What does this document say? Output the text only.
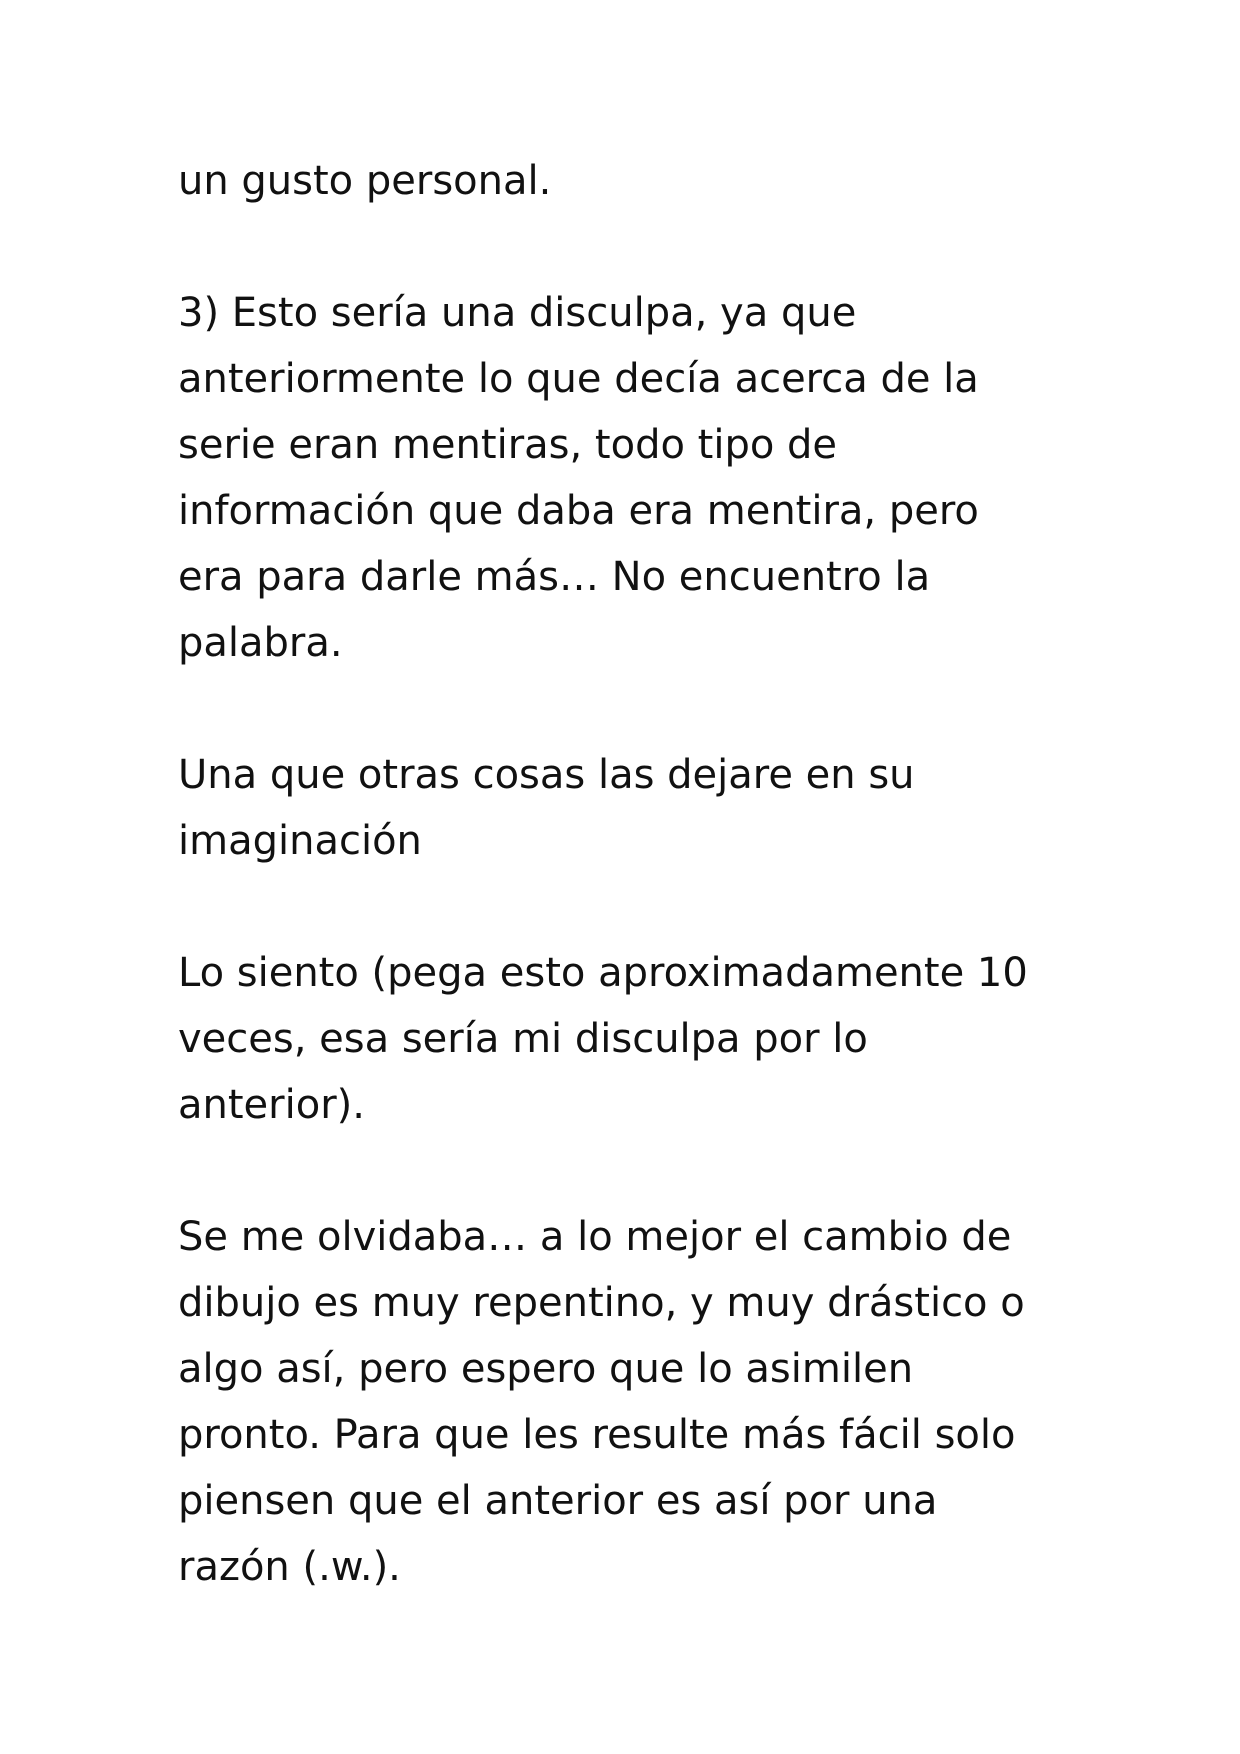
un gusto personal.

3) Esto sería una disculpa, ya que
anteriormente lo que decía acerca de la
serie eran mentiras, todo tipo de
información que daba era mentira, pero
era para darle más… No encuentro la
palabra.

Una que otras cosas las dejare en su
imaginación

Lo siento (pega esto aproximadamente 10
veces, esa sería mi disculpa por lo
anterior).

Se me olvidaba… a lo mejor el cambio de
dibujo es muy repentino, y muy drástico o
algo así, pero espero que lo asimilen
pronto. Para que les resulte más fácil solo
piensen que el anterior es así por una
razón (.w.).
